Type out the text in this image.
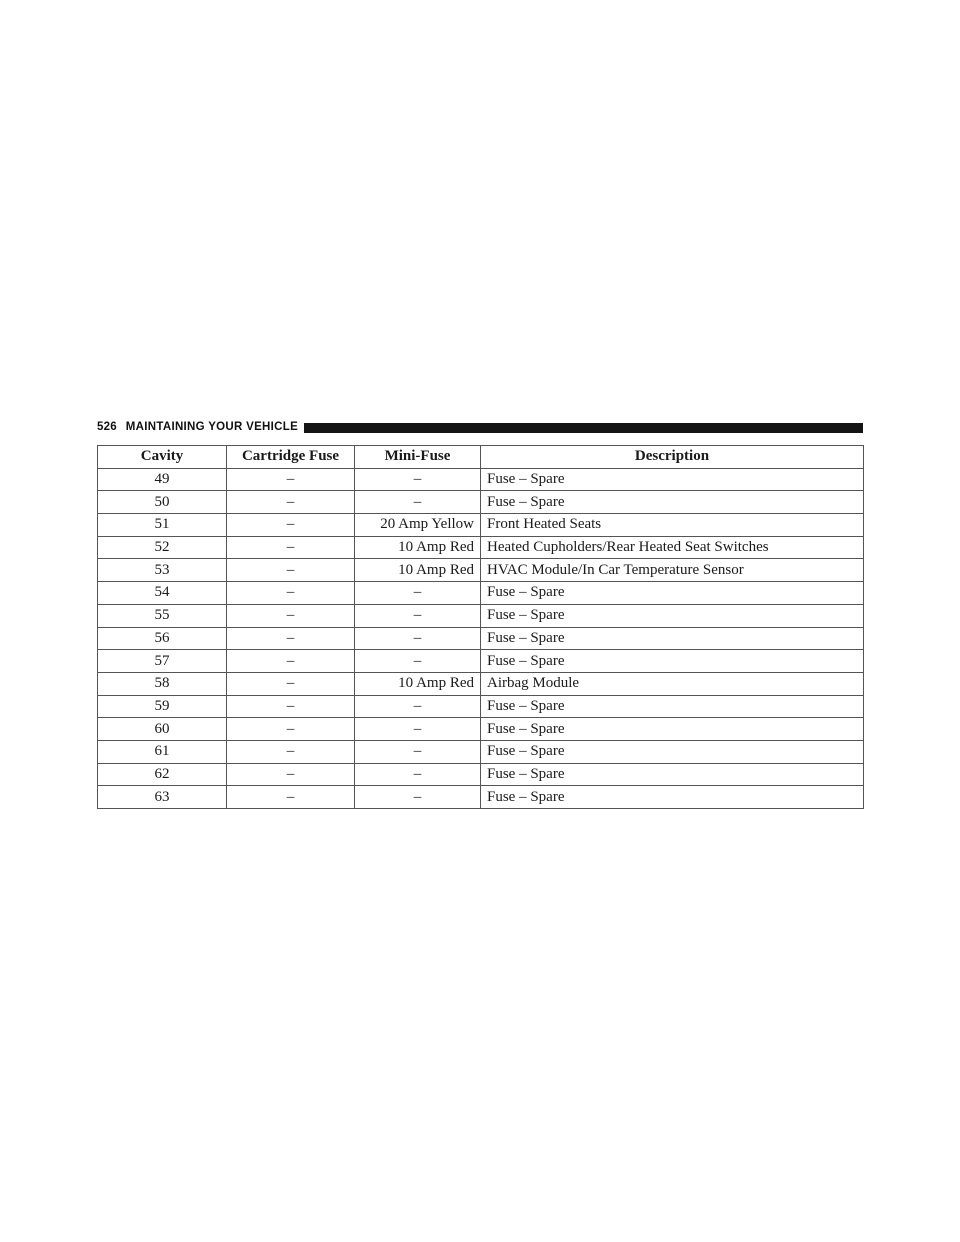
526 MAINTAINING YOUR VEHICLE
Cavity	Cartridge Fuse	Mini-Fuse	Description
49	–	–	Fuse – Spare
50	–	–	Fuse – Spare
51	–	20 Amp Yellow	Front Heated Seats
52	–	10 Amp Red	Heated Cupholders/Rear Heated Seat Switches
53	–	10 Amp Red	HVAC Module/In Car Temperature Sensor
54	–	–	Fuse – Spare
55	–	–	Fuse – Spare
56	–	–	Fuse – Spare
57	–	–	Fuse – Spare
58	–	10 Amp Red	Airbag Module
59	–	–	Fuse – Spare
60	–	–	Fuse – Spare
61	–	–	Fuse – Spare
62	–	–	Fuse – Spare
63	–	–	Fuse – Spare
